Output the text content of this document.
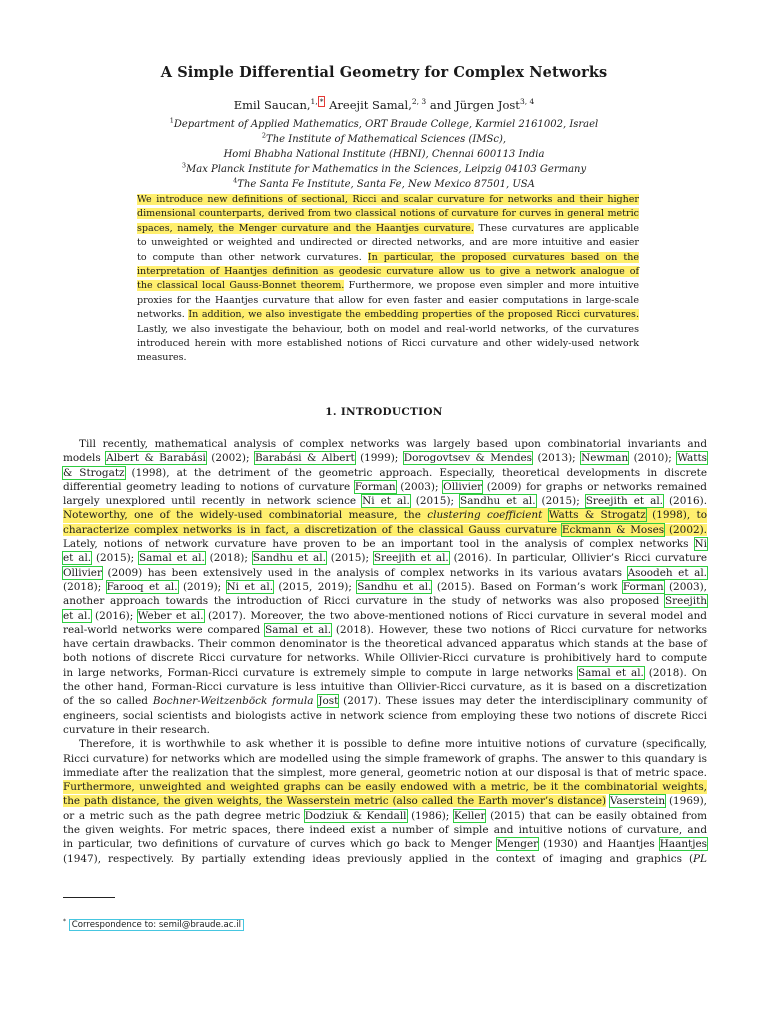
A Simple Differential Geometry for Complex Networks
Emil Saucan,$^{1,}$ * Areejit Samal,$^{2, 3}$ and Jürgen Jost$^{3, 4}$
$^1$Department of Applied Mathematics, ORT Braude College, Karmiel 2161002, Israel
$^2$The Institute of Mathematical Sciences (IMSc),
Homi Bhabha National Institute (HBNI), Chennai 600113 India
$^3$Max Planck Institute for Mathematics in the Sciences, Leipzig 04103 Germany
$^4$The Santa Fe Institute, Santa Fe, New Mexico 87501, USA
We introduce new definitions of sectional, Ricci and scalar curvature for networks and their higher
dimensional counterparts, derived from two classical notions of curvature for curves in general metric
spaces, namely, the Menger curvature and the Haantjes curvature. These curvatures are applicable
to unweighted or weighted and undirected or directed networks, and are more intuitive and easier
to compute than other network curvatures. In particular, the proposed curvatures based on the
interpretation of Haantjes definition as geodesic curvature allow us to give a network analogue of
the classical local Gauss-Bonnet theorem. Furthermore, we propose even simpler and more intuitive
proxies for the Haantjes curvature that allow for even faster and easier computations in large-scale
networks. In addition, we also investigate the embedding properties of the proposed Ricci curvatures.
Lastly, we also investigate the behaviour, both on model and real-world networks, of the curvatures
introduced herein with more established notions of Ricci curvature and other widely-used network
measures.
1. INTRODUCTION
Till recently, mathematical analysis of complex networks was largely based upon combinatorial invariants and
models Albert & Barabási (2002); Barabási & Albert (1999); Dorogovtsev & Mendes (2013); Newman (2010); Watts
& Strogatz (1998), at the detriment of the geometric approach. Especially, theoretical developments in discrete
differential geometry leading to notions of curvature Forman (2003); Ollivier (2009) for graphs or networks remained
largely unexplored until recently in network science Ni et al. (2015); Sandhu et al. (2015); Sreejith et al. (2016).
Noteworthy, one of the widely-used combinatorial measure, the clustering coefficient Watts & Strogatz (1998), to
characterize complex networks is in fact, a discretization of the classical Gauss curvature Eckmann & Moses (2002).
Lately, notions of network curvature have proven to be an important tool in the analysis of complex networks Ni
et al. (2015); Samal et al. (2018); Sandhu et al. (2015); Sreejith et al. (2016). In particular, Ollivier’s Ricci curvature
Ollivier (2009) has been extensively used in the analysis of complex networks in its various avatars Asoodeh et al.
(2018); Farooq et al. (2019); Ni et al. (2015, 2019); Sandhu et al. (2015). Based on Forman’s work Forman (2003),
another approach towards the introduction of Ricci curvature in the study of networks was also proposed Sreejith
et al. (2016); Weber et al. (2017). Moreover, the two above-mentioned notions of Ricci curvature in several model and
real-world networks were compared Samal et al. (2018). However, these two notions of Ricci curvature for networks
have certain drawbacks. Their common denominator is the theoretical advanced apparatus which stands at the base of
both notions of discrete Ricci curvature for networks. While Ollivier-Ricci curvature is prohibitively hard to compute
in large networks, Forman-Ricci curvature is extremely simple to compute in large networks Samal et al. (2018). On
the other hand, Forman-Ricci curvature is less intuitive than Ollivier-Ricci curvature, as it is based on a discretization
of the so called Bochner-Weitzenböck formula Jost (2017). These issues may deter the interdisciplinary community of
engineers, social scientists and biologists active in network science from employing these two notions of discrete Ricci
curvature in their research.
Therefore, it is worthwhile to ask whether it is possible to define more intuitive notions of curvature (specifically,
Ricci curvature) for networks which are modelled using the simple framework of graphs. The answer to this quandary is
immediate after the realization that the simplest, more general, geometric notion at our disposal is that of metric space.
Furthermore, unweighted and weighted graphs can be easily endowed with a metric, be it the combinatorial weights,
the path distance, the given weights, the Wasserstein metric (also called the Earth mover’s distance) Vaserstein (1969),
or a metric such as the path degree metric Dodziuk & Kendall (1986); Keller (2015) that can be easily obtained from
the given weights. For metric spaces, there indeed exist a number of simple and intuitive notions of curvature, and
in particular, two definitions of curvature of curves which go back to Menger Menger (1930) and Haantjes Haantjes
(1947), respectively. By partially extending ideas previously applied in the context of imaging and graphics (PL
* Correspondence to: semil@braude.ac.il
